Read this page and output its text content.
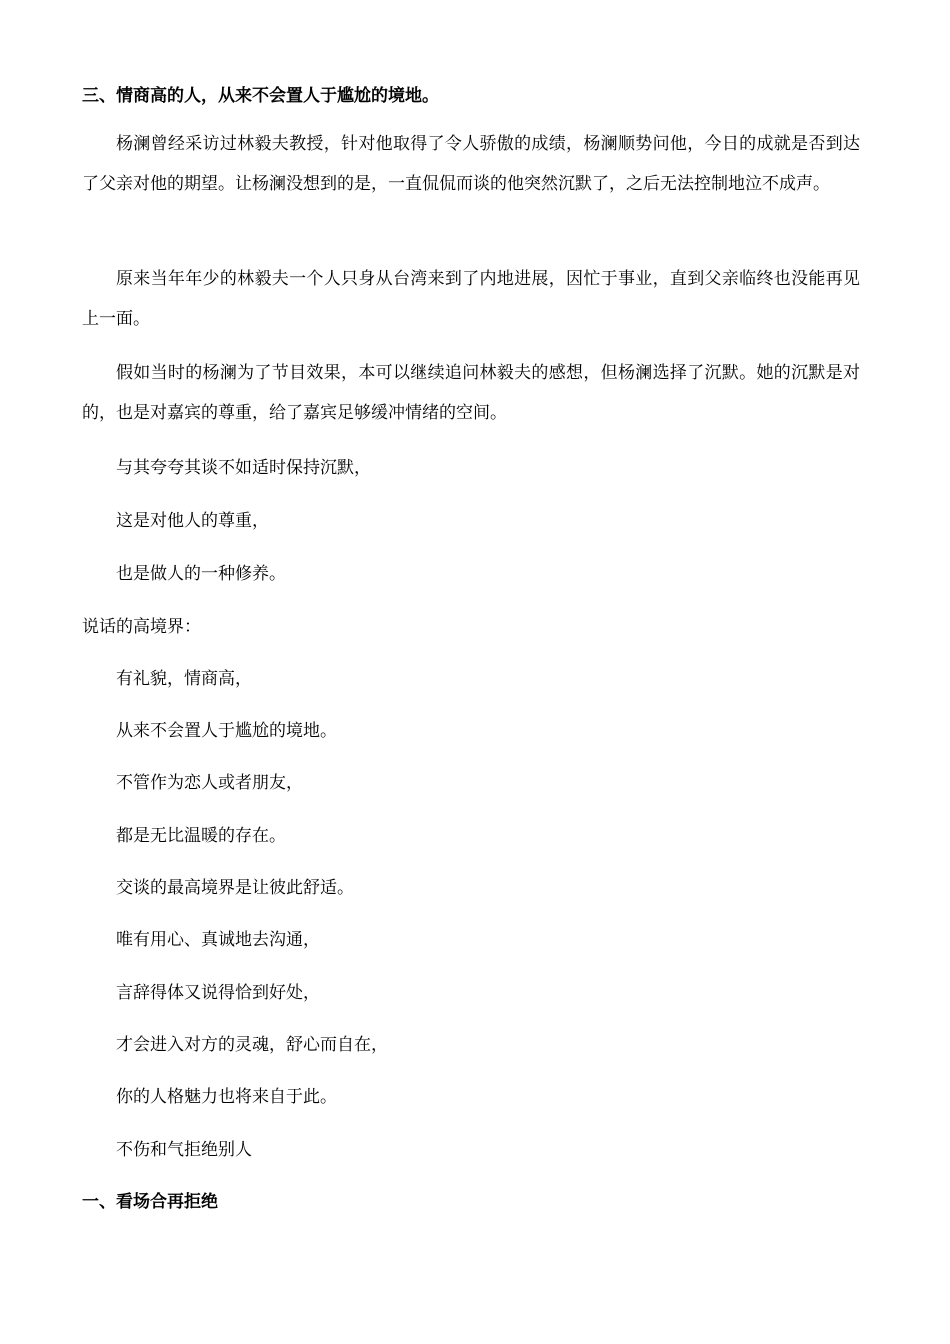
三、情商高的人，从来不会置人于尴尬的境地。

杨澜曾经采访过林毅夫教授，针对他取得了令人骄傲的成绩，杨澜顺势问他，今日的成就是否到达了父亲对他的期望。让杨澜没想到的是，一直侃侃而谈的他突然沉默了，之后无法控制地泣不成声。

原来当年年少的林毅夫一个人只身从台湾来到了内地进展，因忙于事业，直到父亲临终也没能再见上一面。

假如当时的杨澜为了节目效果，本可以继续追问林毅夫的感想，但杨澜选择了沉默。她的沉默是对的，也是对嘉宾的尊重，给了嘉宾足够缓冲情绪的空间。

与其夸夸其谈不如适时保持沉默，
这是对他人的尊重，
也是做人的一种修养。
说话的高境界：
有礼貌，情商高，
从来不会置人于尴尬的境地。
不管作为恋人或者朋友，
都是无比温暖的存在。
交谈的最高境界是让彼此舒适。
唯有用心、真诚地去沟通，
言辞得体又说得恰到好处，
才会进入对方的灵魂，舒心而自在，
你的人格魅力也将来自于此。
不伤和气拒绝别人
一、看场合再拒绝
